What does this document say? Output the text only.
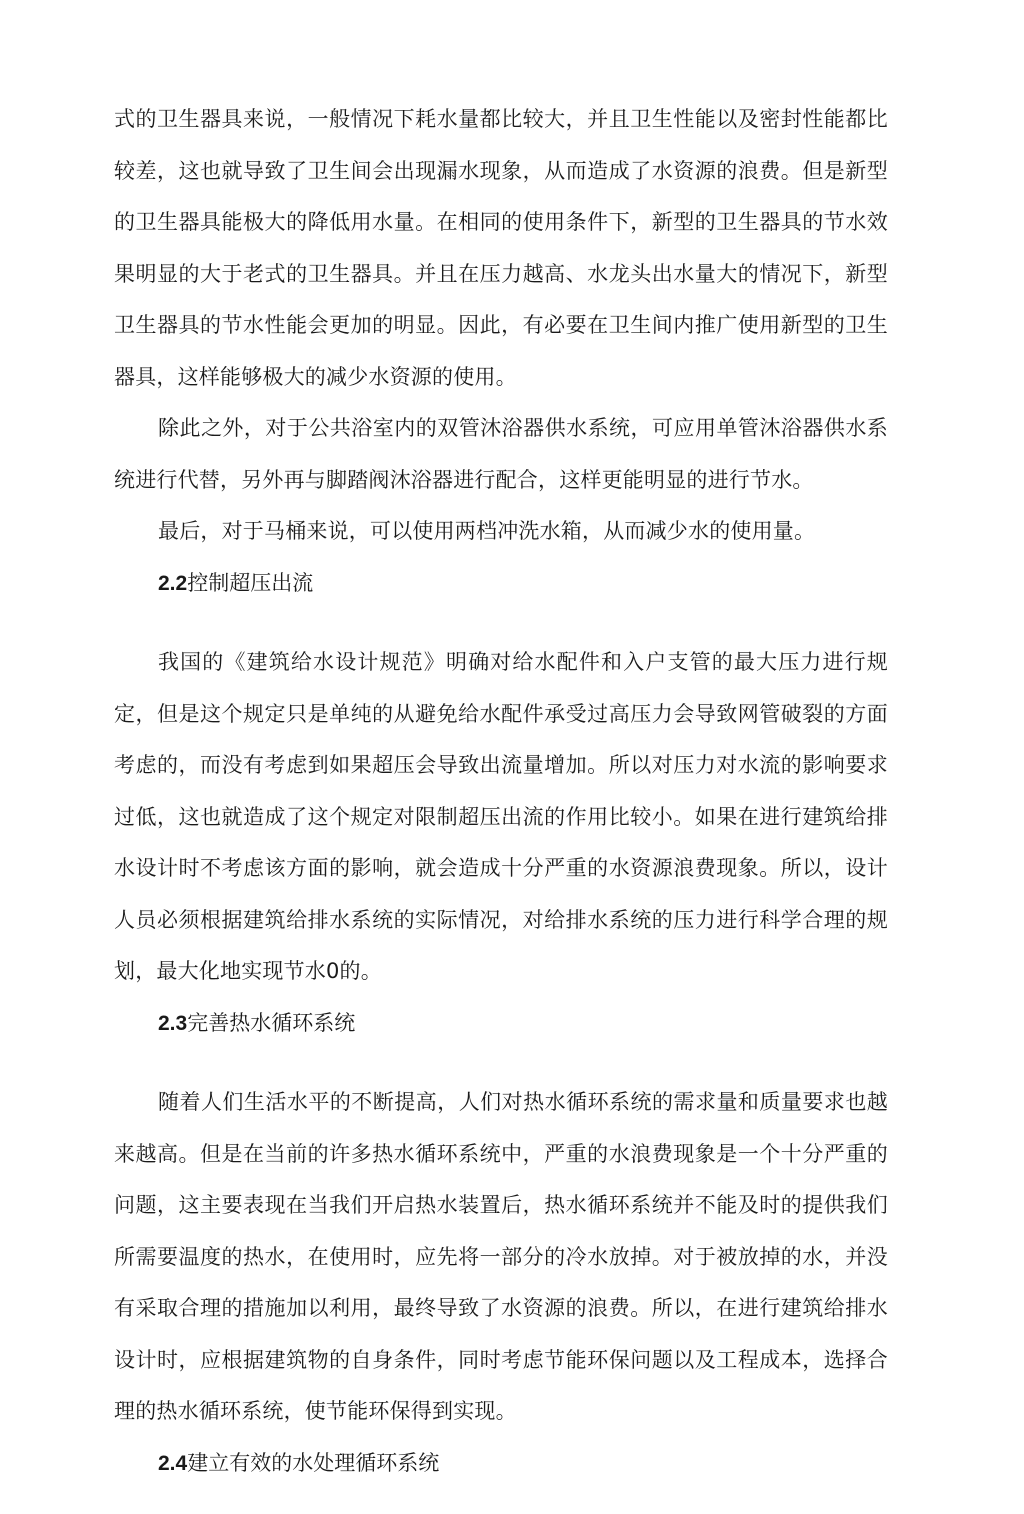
式的卫生器具来说，一般情况下耗水量都比较大，并且卫生性能以及密封性能都比较差，这也就导致了卫生间会出现漏水现象，从而造成了水资源的浪费。但是新型的卫生器具能极大的降低用水量。在相同的使用条件下，新型的卫生器具的节水效果明显的大于老式的卫生器具。并且在压力越高、水龙头出水量大的情况下，新型卫生器具的节水性能会更加的明显。因此，有必要在卫生间内推广使用新型的卫生器具，这样能够极大的减少水资源的使用。

除此之外，对于公共浴室内的双管沐浴器供水系统，可应用单管沐浴器供水系统进行代替，另外再与脚踏阀沐浴器进行配合，这样更能明显的进行节水。

最后，对于马桶来说，可以使用两档冲洗水箱，从而减少水的使用量。

2.2控制超压出流

我国的《建筑给水设计规范》明确对给水配件和入户支管的最大压力进行规定，但是这个规定只是单纯的从避免给水配件承受过高压力会导致网管破裂的方面考虑的，而没有考虑到如果超压会导致出流量增加。所以对压力对水流的影响要求过低，这也就造成了这个规定对限制超压出流的作用比较小。如果在进行建筑给排水设计时不考虑该方面的影响，就会造成十分严重的水资源浪费现象。所以，设计人员必须根据建筑给排水系统的实际情况，对给排水系统的压力进行科学合理的规划，最大化地实现节水0的。

2.3完善热水循环系统

随着人们生活水平的不断提高，人们对热水循环系统的需求量和质量要求也越来越高。但是在当前的许多热水循环系统中，严重的水浪费现象是一个十分严重的问题，这主要表现在当我们开启热水装置后，热水循环系统并不能及时的提供我们所需要温度的热水，在使用时，应先将一部分的冷水放掉。对于被放掉的水，并没有采取合理的措施加以利用，最终导致了水资源的浪费。所以，在进行建筑给排水设计时，应根据建筑物的自身条件，同时考虑节能环保问题以及工程成本，选择合理的热水循环系统，使节能环保得到实现。

2.4建立有效的水处理循环系统
